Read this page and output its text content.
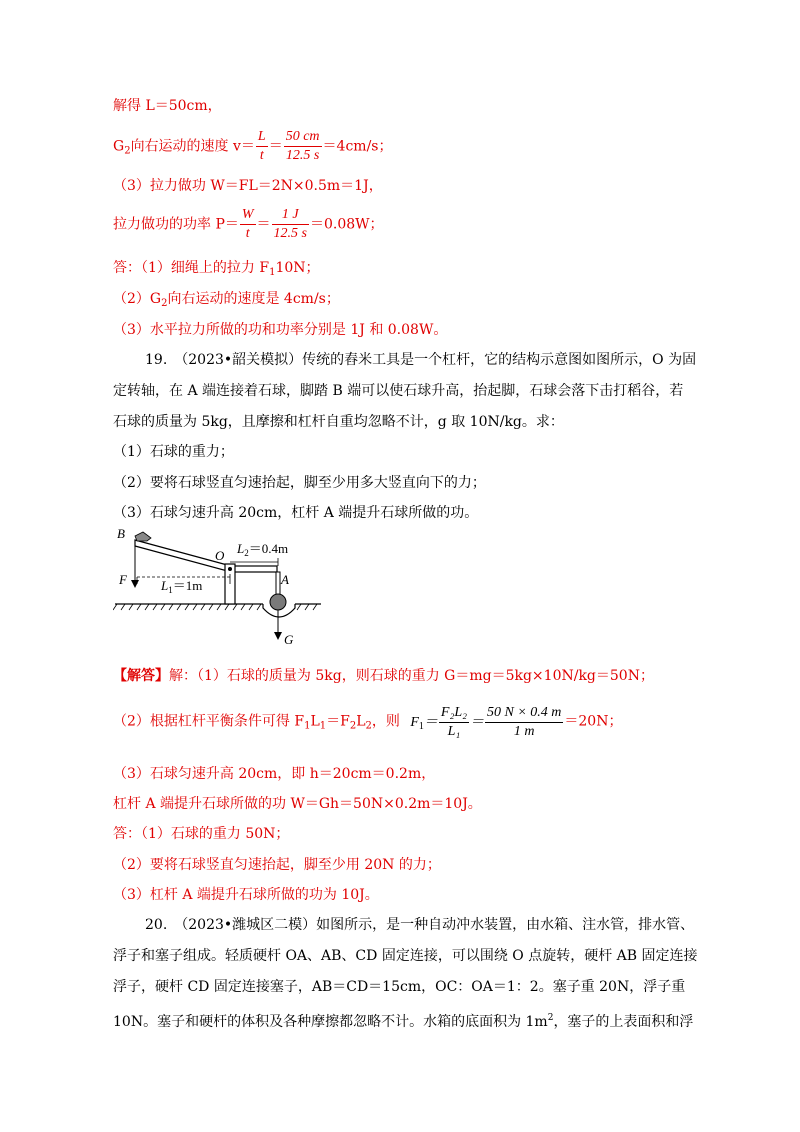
解得 L＝50cm，
$G_2$向右运动的速度 $v= \frac{L}{t} = \frac{50 cm}{12.5 s} =4cm/s$；
（3）拉力做功 W＝FL＝2N×0.5m＝1J，
拉力做功的功率 $P= \frac{W}{t} = \frac{1 J}{12.5 s} =0.08W$；
答：（1）细绳上的拉力 $F_110N$；
$(2)G_2$向右运动的速度是 4cm/s；
（3）水平拉力所做的功和功率分别是 1J 和 0.08W。
19.　（2023•韶关模拟）传统的舂米工具是一个杠杆，它的结构示意图如图所示，O 为固
定转轴，在 A 端连接着石球，脚踏 B 端可以使石球升高，抬起脚，石球会落下击打稻谷，若
石球的质量为 5kg，且摩擦和杠杆自重均忽略不计，g 取 10N/kg。求：
（1）石球的重力；
（2）要将石球竖直匀速抬起，脚至少用多大竖直向下的力；
（3）石球匀速升高 20cm，杠杆 A 端提升石球所做的功。
B
O $L_2=0.4m$
F	$L_1=1m$	A
G
【解答】解：（1）石球的质量为 5kg，则石球的重力 G＝mg＝5kg×10N/kg＝50N；
（2）根据杠杆平衡条件可得 $F_1L_1=F_2L_2$，则 $F_1= \frac{\text{F₂L₂}}{\text{L₁}} = \frac{50 N \times 0.4 m}{1 m} =20N$；
（3）石球匀速升高 20cm，即 h＝20cm＝0.2m，
杠杆 A 端提升石球所做的功 W＝Gh＝50N×0.2m＝10J。
答：（1）石球的重力 50N；
（2）要将石球竖直匀速抬起，脚至少用 20N 的力；
（3）杠杆 A 端提升石球所做的功为 10J。
20.　（2023•潍城区二模）如图所示，是一种自动冲水装置，由水箱、注水管，排水管、
浮子和塞子组成。轻质硬杆 OA、AB、CD 固定连接，可以围绕 O 点旋转，硬杆 AB 固定连接
浮子，硬杆 CD 固定连接塞子，AB＝CD＝15cm，OC：OA＝1：2。塞子重 20N，浮子重
10N。塞子和硬杆的体积及各种摩擦都忽略不计。水箱的底面积为 $1m^2$，塞子的上表面积和浮
